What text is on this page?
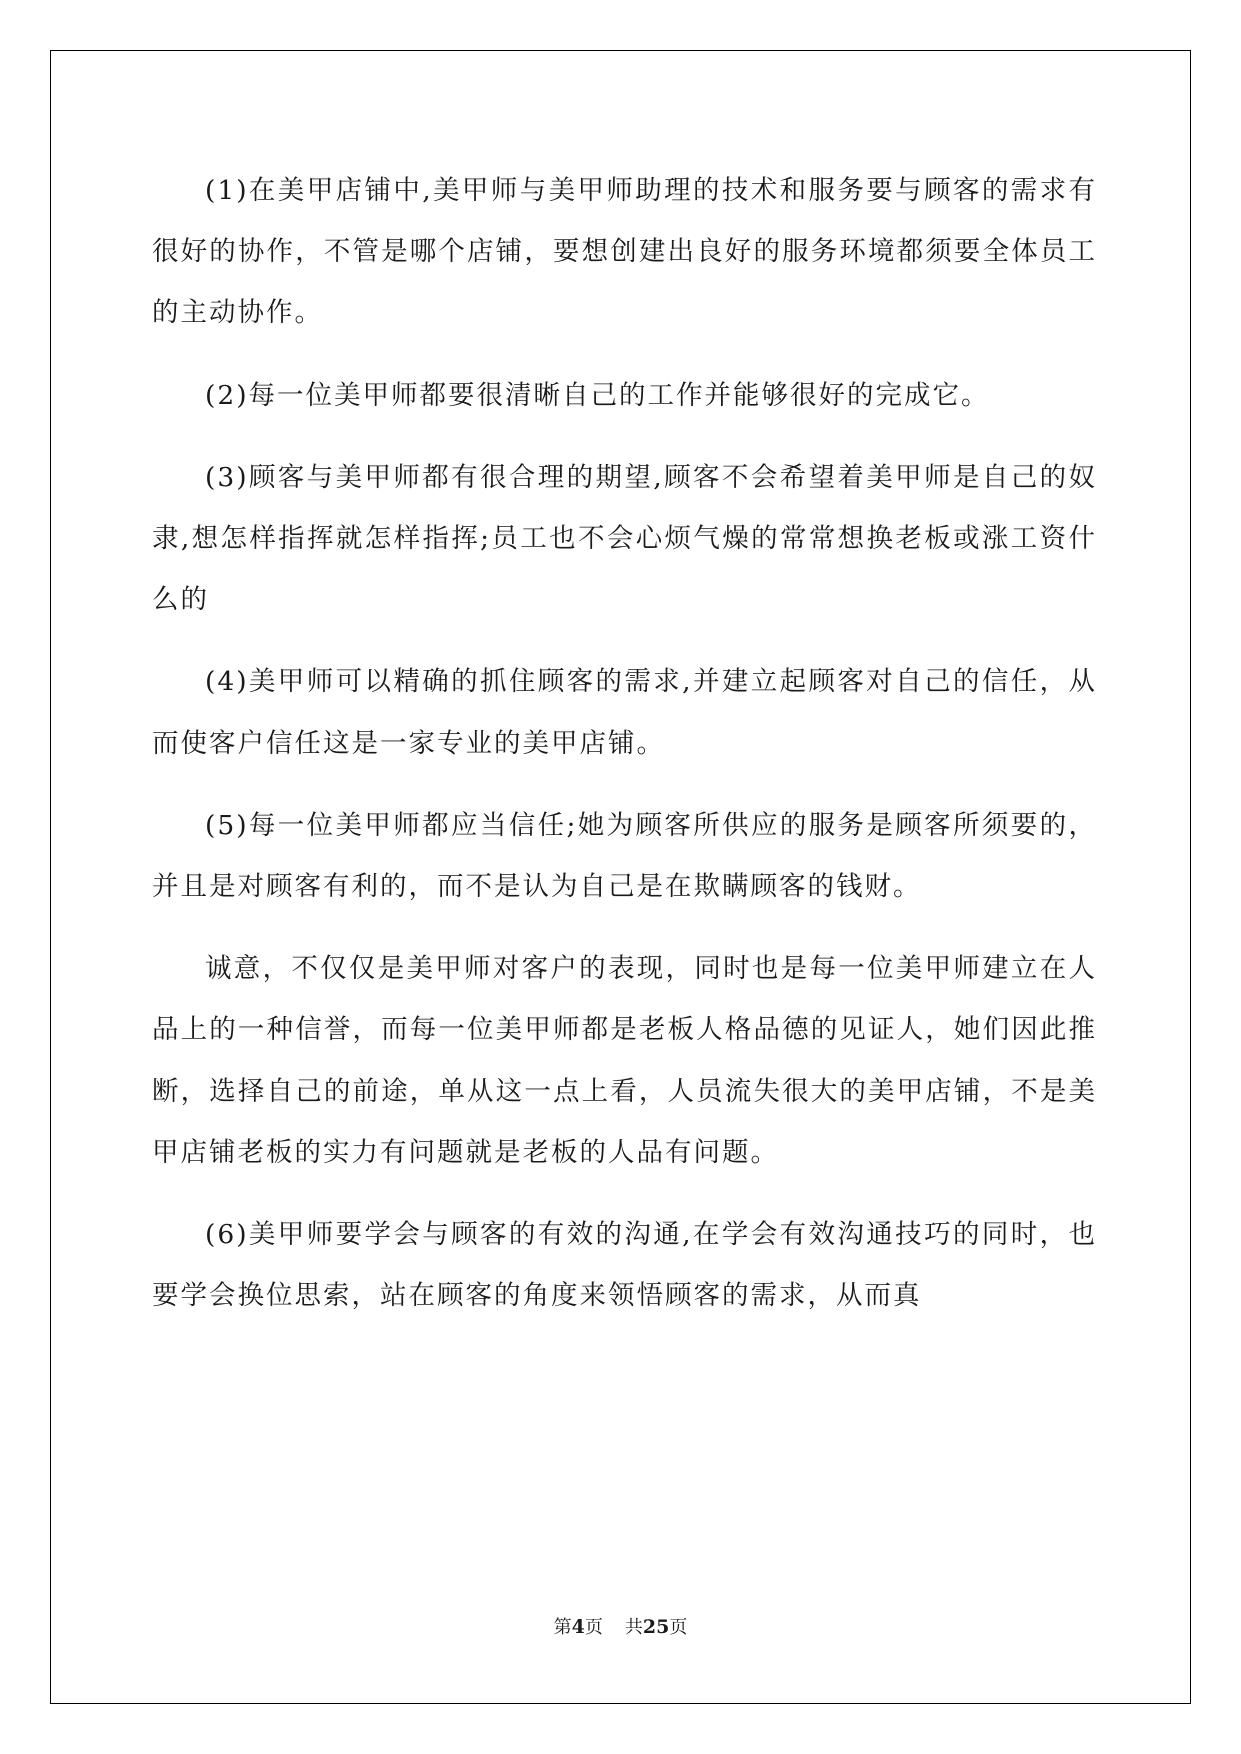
(1)在美甲店铺中,美甲师与美甲师助理的技术和服务要与顾客的需求有很好的协作，不管是哪个店铺，要想创建出良好的服务环境都须要全体员工的主动协作。

(2)每一位美甲师都要很清晰自己的工作并能够很好的完成它。

(3)顾客与美甲师都有很合理的期望,顾客不会希望着美甲师是自己的奴隶,想怎样指挥就怎样指挥;员工也不会心烦气燥的常常想换老板或涨工资什么的

(4)美甲师可以精确的抓住顾客的需求,并建立起顾客对自己的信任，从而使客户信任这是一家专业的美甲店铺。

(5)每一位美甲师都应当信任;她为顾客所供应的服务是顾客所须要的，并且是对顾客有利的，而不是认为自己是在欺瞒顾客的钱财。

诚意，不仅仅是美甲师对客户的表现，同时也是每一位美甲师建立在人品上的一种信誉，而每一位美甲师都是老板人格品德的见证人，她们因此推断，选择自己的前途，单从这一点上看，人员流失很大的美甲店铺，不是美甲店铺老板的实力有问题就是老板的人品有问题。

(6)美甲师要学会与顾客的有效的沟通,在学会有效沟通技巧的同时，也要学会换位思索，站在顾客的角度来领悟顾客的需求，从而真

第4页 共25页
